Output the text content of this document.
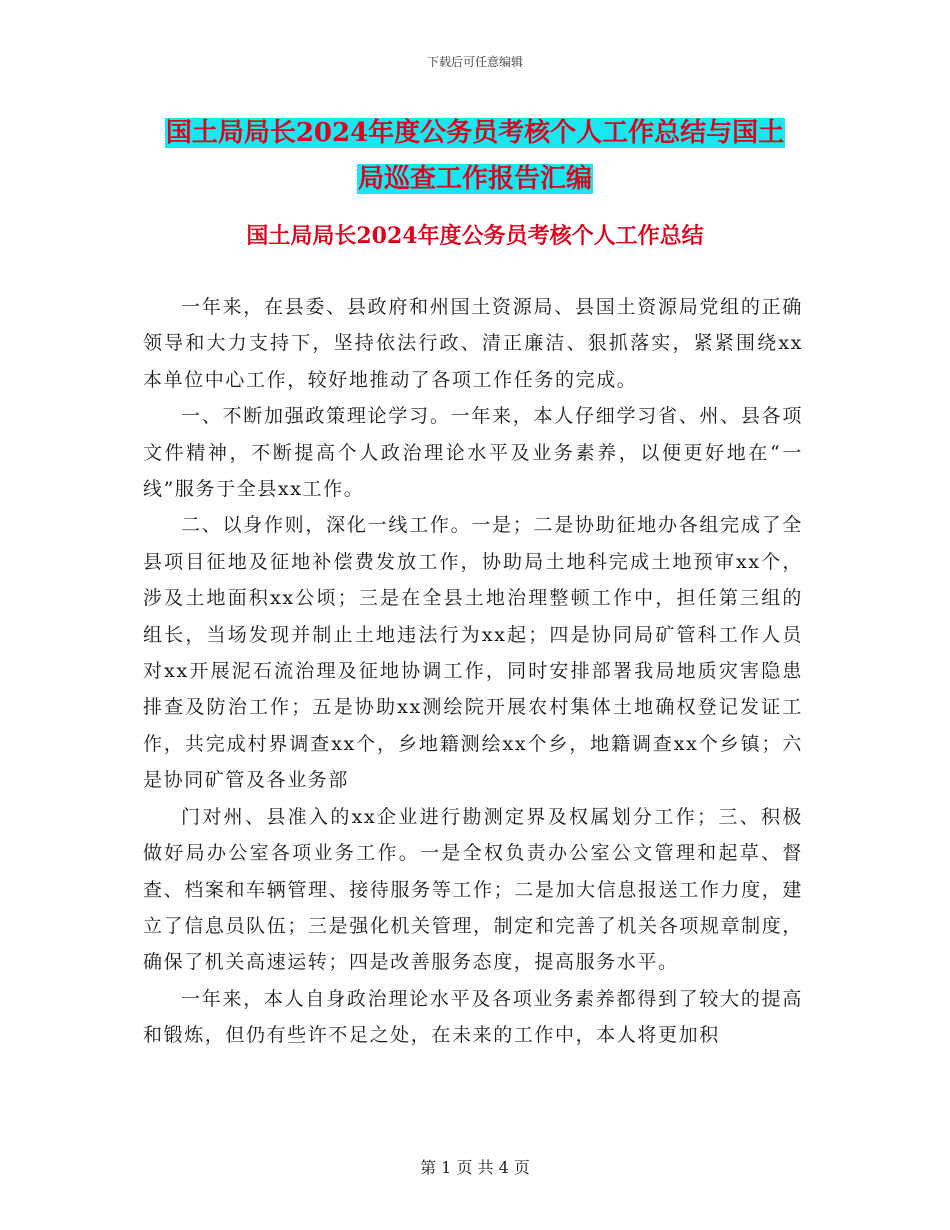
下载后可任意编辑
国土局局长2024年度公务员考核个人工作总结与国土
局巡查工作报告汇编
国土局局长2024年度公务员考核个人工作总结

一年来，在县委、县政府和州国土资源局、县国土资源局党组的正确领导和大力支持下，坚持依法行政、清正廉洁、狠抓落实，紧紧围绕xx本单位中心工作，较好地推动了各项工作任务的完成。

一、不断加强政策理论学习。一年来，本人仔细学习省、州、县各项文件精神，不断提高个人政治理论水平及业务素养，以便更好地在“一线”服务于全县xx工作。

二、以身作则，深化一线工作。一是；二是协助征地办各组完成了全县项目征地及征地补偿费发放工作，协助局土地科完成土地预审xx个，涉及土地面积xx公顷；三是在全县土地治理整顿工作中，担任第三组的组长，当场发现并制止土地违法行为xx起；四是协同局矿管科工作人员对xx开展泥石流治理及征地协调工作，同时安排部署我局地质灾害隐患排查及防治工作；五是协助xx测绘院开展农村集体土地确权登记发证工作，共完成村界调查xx个，乡地籍测绘xx个乡，地籍调查xx个乡镇；六是协同矿管及各业务部

门对州、县准入的xx企业进行勘测定界及权属划分工作；三、积极做好局办公室各项业务工作。一是全权负责办公室公文管理和起草、督查、档案和车辆管理、接待服务等工作；二是加大信息报送工作力度，建立了信息员队伍；三是强化机关管理，制定和完善了机关各项规章制度，确保了机关高速运转；四是改善服务态度，提高服务水平。

一年来，本人自身政治理论水平及各项业务素养都得到了较大的提高和锻炼，但仍有些许不足之处，在未来的工作中，本人将更加积

第 1 页 共 4 页
